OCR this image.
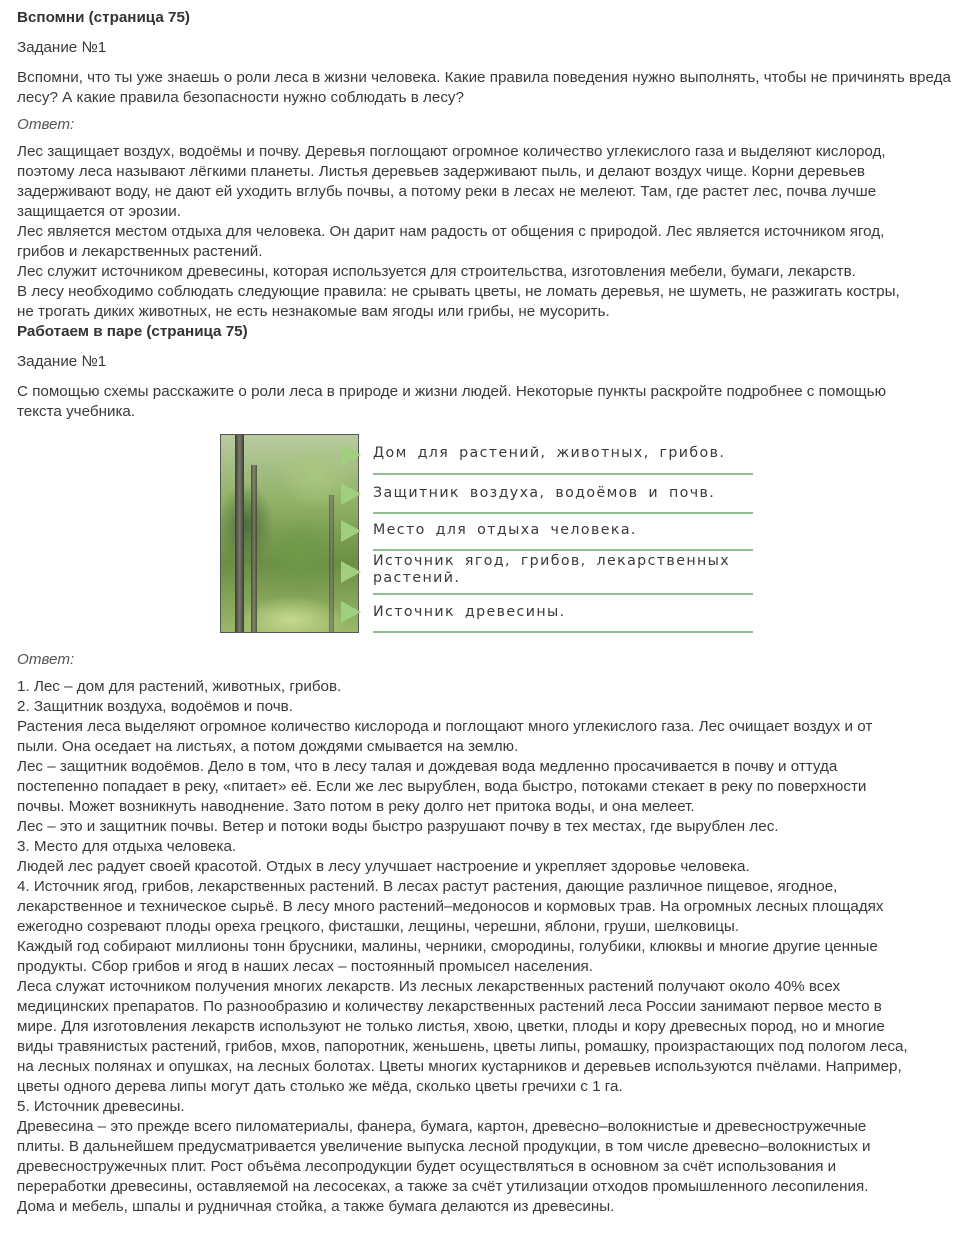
Вспомни (страница 75)

Задание №1

Вспомни, что ты уже знаешь о роли леса в жизни человека. Какие правила поведения нужно выполнять, чтобы не причинять вреда лесу? А какие правила безопасности нужно соблюдать в лесу?

Ответ:

Лес защищает воздух, водоёмы и почву. Деревья поглощают огромное количество углекислого газа и выделяют кислород,
поэтому леса называют лёгкими планеты. Листья деревьев задерживают пыль, и делают воздух чище. Корни деревьев
задерживают воду, не дают ей уходить вглубь почвы, а потому реки в лесах не мелеют. Там, где растет лес, почва лучше
защищается от эрозии.
Лес является местом отдыха для человека. Он дарит нам радость от общения с природой. Лес является источником ягод,
грибов и лекарственных растений.
Лес служит источником древесины, которая используется для строительства, изготовления мебели, бумаги, лекарств.
В лесу необходимо соблюдать следующие правила: не срывать цветы, не ломать деревья, не шуметь, не разжигать костры,
не трогать диких животных, не есть незнакомые вам ягоды или грибы, не мусорить.

Работаем в паре (страница 75)

Задание №1

С помощью схемы расскажите о роли леса в природе и жизни людей. Некоторые пункты раскройте подробнее с помощью
текста учебника.
Дом для растений, животных, грибов.
Защитник воздуха, водоёмов и почв.
Место для отдыха человека.
Источник ягод, грибов, лекарственных
растений.
Источник древесины.

Ответ:

1. Лес – дом для растений, животных, грибов.
2. Защитник воздуха, водоёмов и почв.
Растения леса выделяют огромное количество кислорода и поглощают много углекислого газа. Лес очищает воздух и от
пыли. Она оседает на листьях, а потом дождями смывается на землю.
Лес – защитник водоёмов. Дело в том, что в лесу талая и дождевая вода медленно просачивается в почву и оттуда
постепенно попадает в реку, «питает» её. Если же лес вырублен, вода быстро, потоками стекает в реку по поверхности
почвы. Может возникнуть наводнение. Зато потом в реку долго нет притока воды, и она мелеет.
Лес – это и защитник почвы. Ветер и потоки воды быстро разрушают почву в тех местах, где вырублен лес.
3. Место для отдыха человека.
Людей лес радует своей красотой. Отдых в лесу улучшает настроение и укрепляет здоровье человека.
4. Источник ягод, грибов, лекарственных растений. В лесах растут растения, дающие различное пищевое, ягодное,
лекарственное и техническое сырьё. В лесу много растений–медоносов и кормовых трав. На огромных лесных площадях
ежегодно созревают плоды ореха грецкого, фисташки, лещины, черешни, яблони, груши, шелковицы.
Каждый год собирают миллионы тонн брусники, малины, черники, смородины, голубики, клюквы и многие другие ценные
продукты. Сбор грибов и ягод в наших лесах – постоянный промысел населения.
Леса служат источником получения многих лекарств. Из лесных лекарственных растений получают около 40% всех
медицинских препаратов. По разнообразию и количеству лекарственных растений леса России занимают первое место в
мире. Для изготовления лекарств используют не только листья, хвою, цветки, плоды и кору древесных пород, но и многие
виды травянистых растений, грибов, мхов, папоротник, женьшень, цветы липы, ромашку, произрастающих под пологом леса,
на лесных полянах и опушках, на лесных болотах. Цветы многих кустарников и деревьев используются пчёлами. Например,
цветы одного дерева липы могут дать столько же мёда, сколько цветы гречихи с 1 га.
5. Источник древесины.
Древесина – это прежде всего пиломатериалы, фанера, бумага, картон, древесно–волокнистые и древесностружечные
плиты. В дальнейшем предусматривается увеличение выпуска лесной продукции, в том числе древесно–волокнистых и
древесностружечных плит. Рост объёма лесопродукции будет осуществляться в основном за счёт использования и
переработки древесины, оставляемой на лесосеках, а также за счёт утилизации отходов промышленного лесопиления.
Дома и мебель, шпалы и рудничная стойка, а также бумага делаются из древесины.
